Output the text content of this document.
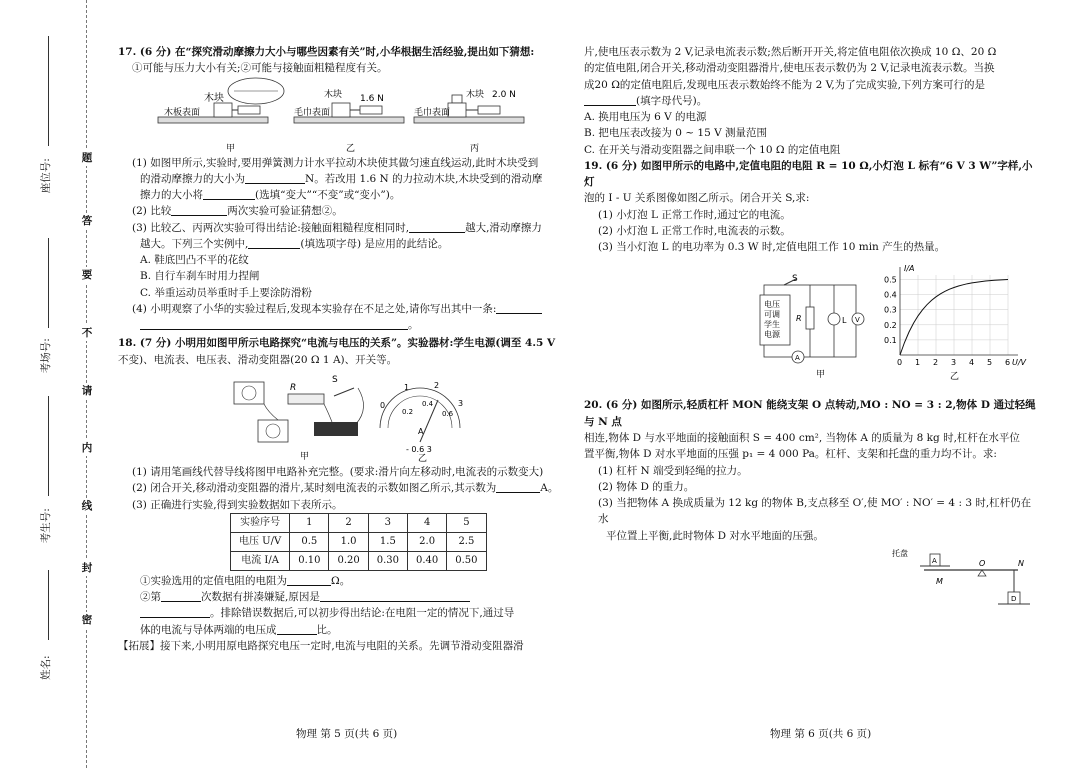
题
答
要
不
请
内
线
封
密
座位号:
考场号:
考生号:
姓名:

17. (6 分) 在“探究滑动摩擦力大小与哪些因素有关”时,小华根据生活经验,提出如下猜想:

①可能与压力大小有关;②可能与接触面粗糙程度有关。

木块
木板表面
甲
木块 1.6 N
毛巾表面
乙
木块 2.0 N
毛巾表面
丙

(1) 如图甲所示,实验时,要用弹簧测力计水平拉动木块使其做匀速直线运动,此时木块受到

的滑动摩擦力的大小为	N。若改用 1.6 N 的力拉动木块,木块受到的滑动摩

擦力的大小将	(选填“变大”“不变”或“变小”)。

(2) 比较	两次实验可验证猜想②。

(3) 比较乙、丙两次实验可得出结论:接触面粗糙程度相同时,	越大,滑动摩擦力

越大。下列三个实例中,	(填选项字母) 是应用的此结论。

A. 鞋底凹凸不平的花纹

B. 自行车刹车时用力捏闸

C. 举重运动员举重时手上要涂防滑粉

(4) 小明观察了小华的实验过程后,发现本实验存在不足之处,请你写出其中一条:

。

18. (7 分) 小明用如图甲所示电路探究“电流与电压的关系”。实验器材:学生电源(调至 4.5 V

不变)、电流表、电压表、滑动变阻器(20 Ω 1 A)、开关等。

R
S
甲
0
1	2
3
0.2
0.4
0.6
A
- 0.6 3
乙

(1) 请用笔画线代替导线将图甲电路补充完整。(要求:滑片向左移动时,电流表的示数变大)

(2) 闭合开关,移动滑动变阻器的滑片,某时刻电流表的示数如图乙所示,其示数为	A。

(3) 正确进行实验,得到实验数据如下表所示。

实验序号	1	2	3	4	5
电压 U/V	0.5	1.0	1.5	2.0	2.5
电流 I/A	0.10	0.20	0.30	0.40	0.50

①实验选用的定值电阻的电阻为	Ω。

②第	次数据有拼凑嫌疑,原因是

。排除错误数据后,可以初步得出结论:在电阻一定的情况下,通过导

体的电流与导体两端的电压成	比。

【拓展】接下来,小明用原电路探究电压一定时,电流与电阻的关系。先调节滑动变阻器滑

片,使电压表示数为 2 V,记录电流表示数;然后断开开关,将定值电阻依次换成 10 Ω、20 Ω

的定值电阻,闭合开关,移动滑动变阻器滑片,使电压表示数仍为 2 V,记录电流表示数。当换

成20 Ω的定值电阻后,发现电压表示数始终不能为 2 V,为了完成实验,下列方案可行的是

(填字母代号)。

A. 换用电压为 6 V 的电源

B. 把电压表改接为 0 ~ 15 V 测量范围

C. 在开关与滑动变阻器之间串联一个 10 Ω 的定值电阻

19. (6 分) 如图甲所示的电路中,定值电阻的电阻 R = 10 Ω,小灯泡 L 标有“6 V 3 W”字样,小灯

泡的 I - U 关系图像如图乙所示。闭合开关 S,求:

(1) 小灯泡 L 正常工作时,通过它的电流。

(2) 小灯泡 L 正常工作时,电流表的示数。

(3) 当小灯泡 L 的电功率为 0.3 W 时,定值电阻工作 10 min 产生的热量。

电压
可调
学生
电源
S
R	L V
A
甲
0 1 2 3 4 5 6
0.1
0.2
0.3
0.4
0.5
I/A
U/V
乙

20. (6 分) 如图所示,轻质杠杆 MON 能绕支架 O 点转动,MO : NO = 3 : 2,物体 D 通过轻绳与 N 点

相连,物体 D 与水平地面的接触面积 S = 400 cm², 当物体 A 的质量为 8 kg 时,杠杆在水平位

置平衡,物体 D 对水平地面的压强 p₁ = 4 000 Pa。杠杆、支架和托盘的重力均不计。求:

(1) 杠杆 N 端受到轻绳的拉力。

(2) 物体 D 的重力。

(3) 当把物体 A 换成质量为 12 kg 的物体 B,支点移至 O′,使 MO′ : NO′ = 4 : 3 时,杠杆仍在水

平位置上平衡,此时物体 D 对水平地面的压强。

托盘
A	O	N
M
D
物理 第 5 页(共 6 页)	物理 第 6 页(共 6 页)
